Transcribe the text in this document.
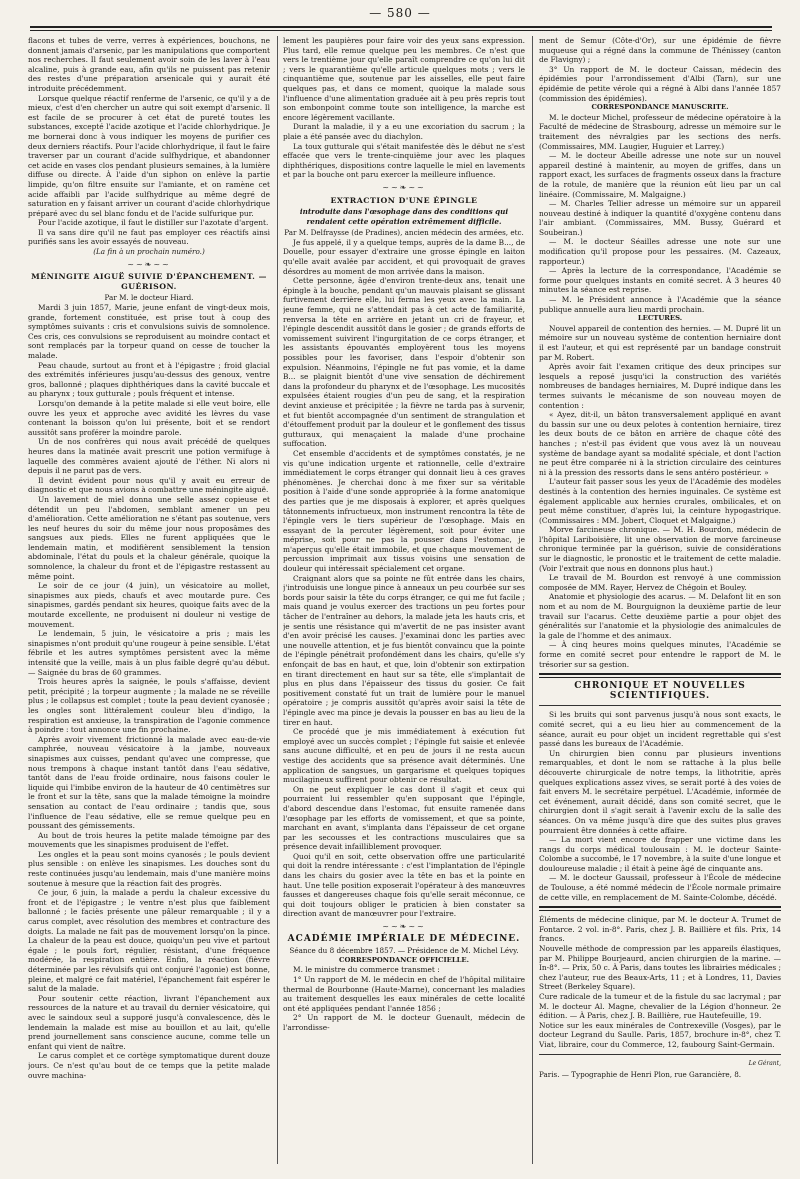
— 580 —

flacons et tubes de verre, verres à expériences, bouchons, ne donnent jamais d'arsenic, par les manipulations que comportent nos recherches. Il faut seulement avoir soin de les laver à l'eau alcaline, puis à grande eau, afin qu'ils ne puissent pas retenir des restes d'une préparation arsenicale qui y aurait été introduite précédemment.

Lorsque quelque réactif renferme de l'arsenic, ce qu'il y a de mieux, c'est d'en chercher un autre qui soit exempt d'arsenic. Il est facile de se procurer à cet état de pureté toutes les substances, excepté l'acide azotique et l'acide chlorhydrique. Je me bornerai donc à vous indiquer les moyens de purifier ces deux derniers réactifs. Pour l'acide chlorhydrique, il faut le faire traverser par un courant d'acide sulfhydrique, et abandonner cet acide en vases clos pendant plusieurs semaines, à la lumière diffuse ou directe. À l'aide d'un siphon on enlève la partie limpide, qu'on filtre ensuite sur l'amiante, et on ramène cet acide affaibli par l'acide sulfhydrique au même degré de saturation en y faisant arriver un courant d'acide chlorhydrique préparé avec du sel blanc fondu et de l'acide sulfurique pur.

Pour l'acide azotique, il faut le distiller sur l'azotate d'argent.

Il va sans dire qu'il ne faut pas employer ces réactifs ainsi purifiés sans les avoir essayés de nouveau.

(La fin à un prochain numéro.)

~~❧~~

MÉNINGITE AIGUË SUIVIE D'ÉPANCHEMENT. — GUÉRISON.

Par M. le docteur Hiard.

Mardi 3 juin 1857, Marie, jeune enfant de vingt-deux mois, grande, fortement constituée, est prise tout à coup des symptômes suivants : cris et convulsions suivis de somnolence. Ces cris, ces convulsions se reproduisent au moindre contact et sont remplacés par la torpeur quand on cesse de toucher la malade.

Peau chaude, surtout au front et à l'épigastre ; froid glacial des extrémités inférieures jusqu'au-dessus des genoux, ventre gros, ballonné ; plaques diphthériques dans la cavité buccale et au pharynx ; toux gutturale ; pouls fréquent et intense.

Lorsqu'on demande à la petite malade si elle veut boire, elle ouvre les yeux et approche avec avidité les lèvres du vase contenant la boisson qu'on lui présente, boit et se rendort aussitôt sans proférer la moindre parole.

Un de nos confrères qui nous avait précédé de quelques heures dans la matinée avait prescrit une potion vermifuge à laquelle des commères avaient ajouté de l'éther. Ni alors ni depuis il ne parut pas de vers.

Il devint évident pour nous qu'il y avait eu erreur de diagnostic et que nous avions à combattre une méningite aiguë.

Un lavement de miel donna une selle assez copieuse et détendit un peu l'abdomen, semblant amener un peu d'amélioration. Cette amélioration ne s'étant pas soutenue, vers les neuf heures du soir du même jour nous proposâmes des sangsues aux pieds. Elles ne furent appliquées que le lendemain matin, et modifièrent sensiblement la tension abdominale, l'état du pouls et la chaleur générale, quoique la somnolence, la chaleur du front et de l'épigastre restassent au même point.

Le soir de ce jour (4 juin), un vésicatoire au mollet, sinapismes aux pieds, chaufs et avec moutarde pure. Ces sinapismes, gardés pendant six heures, quoique faits avec de la moutarde excellente, ne produisent ni douleur ni vestige de mouvement.

Le lendemain, 5 juin, le vésicatoire a pris ; mais les sinapismes n'ont produit qu'une rougeur à peine sensible. L'état fébrile et les autres symptômes persistent avec la même intensité que la veille, mais à un plus faible degré qu'au début. — Saignée du bras de 60 grammes.

Trois heures après la saignée, le pouls s'affaisse, devient petit, précipité ; la torpeur augmente ; la malade ne se réveille plus ; le collapsus est complet ; toute la peau devient cyanosée ; les ongles sont littéralement couleur bleu d'indigo, la respiration est anxieuse, la transpiration de l'agonie commence à poindre : tout annonce une fin prochaine.

Après avoir vivement frictionné la malade avec eau-de-vie camphrée, nouveau vésicatoire à la jambe, nouveaux sinapismes aux cuisses, pendant qu'avec une compresse, que nous trempons à chaque instant tantôt dans l'eau sédative, tantôt dans de l'eau froide ordinaire, nous faisons couler le liquide qui l'imbibe environ de la hauteur de 40 centimètres sur le front et sur la tête, sans que la malade témoigne la moindre sensation au contact de l'eau ordinaire ; tandis que, sous l'influence de l'eau sédative, elle se remue quelque peu en poussant des gémissements.

Au bout de trois heures la petite malade témoigne par des mouvements que les sinapismes produisent de l'effet.

Les ongles et la peau sont moins cyanosés ; le pouls devient plus sensible : on enlève les sinapismes. Les douches sont du reste continuées jusqu'au lendemain, mais d'une manière moins soutenue à mesure que la réaction fait des progrès.

Ce jour, 6 juin, la malade a perdu la chaleur excessive du front et de l'épigastre ; le ventre n'est plus que faiblement ballonné ; le faciès présente une pâleur remarquable ; il y a carus complet, avec résolution des membres et contracture des doigts. La malade ne fait pas de mouvement lorsqu'on la pince. La chaleur de la peau est douce, quoiqu'un peu vive et partout égale ; le pouls fort, régulier, résistant, d'une fréquence modérée, la respiration entière. Enfin, la réaction (fièvre déterminée par les révulsifs qui ont conjuré l'agonie) est bonne, pleine, et malgré ce fait matériel, l'épanchement fait espérer le salut de la malade.

Pour soutenir cette réaction, livrant l'épanchement aux ressources de la nature et au travail du dernier vésicatoire, qui avec le saindoux seul a supporé jusqu'à convalescence, dès le lendemain la malade est mise au bouillon et au lait, qu'elle prend journellement sans conscience aucune, comme telle un enfant qui vient de naître.

Le carus complet et ce cortège symptomatique durent douze jours. Ce n'est qu'au bout de ce temps que la petite malade ouvre machina-

lement les paupières pour faire voir des yeux sans expression. Plus tard, elle remue quelque peu les membres. Ce n'est que vers le trentième jour qu'elle paraît comprendre ce qu'on lui dit ; vers le quarantième qu'elle articule quelques mots ; vers le cinquantième que, soutenue par les aisselles, elle peut faire quelques pas, et dans ce moment, quoique la malade sous l'influence d'une alimentation graduée ait à peu près repris tout son embonpoint comme toute son intelligence, la marche est encore légèrement vacillante.

Durant la maladie, il y a eu une excoriation du sacrum ; la plaie a été pansée avec du diachylon.

La toux gutturale qui s'était manifestée dès le début ne s'est effacée que vers le trente-cinquième jour avec les plaques diphthériques, dispositions contre laquelle le miel en lavements et par la bouche ont paru exercer la meilleure influence.

~~❧~~

EXTRACTION D'UNE ÉPINGLE

introduite dans l'œsophage dans des conditions qui rendaient cette opération extrêmement difficile.

Par M. Delfraysse (de Pradines), ancien médecin des armées, etc.

Je fus appelé, il y a quelque temps, auprès de la dame B..., de Douelle, pour essayer d'extraire une grosse épingle en laiton qu'elle avait avalée par accident, et qui provoquait de graves désordres au moment de mon arrivée dans la maison.

Cette personne, âgée d'environ trente-deux ans, tenait une épingle à la bouche, pendant qu'un mauvais plaisant se glissant furtivement derrière elle, lui ferma les yeux avec la main. La jeune femme, qui ne s'attendait pas à cet acte de familiarité, renversa la tête en arrière en jetant un cri de frayeur, et l'épingle descendit aussitôt dans le gosier ; de grands efforts de vomissement suivirent l'ingurgitation de ce corps étranger, et les assistants épouvantés employèrent tous les moyens possibles pour les favoriser, dans l'espoir d'obtenir son expulsion. Néanmoins, l'épingle ne fut pas vomie, et la dame B... se plaignit bientôt d'une vive sensation de déchirement dans la profondeur du pharynx et de l'œsophage. Les mucosités expulsées étaient rougies d'un peu de sang, et la respiration devint anxieuse et précipitée ; la fièvre ne tarda pas à survenir, et fut bientôt accompagnée d'un sentiment de strangulation et d'étouffement produit par la douleur et le gonflement des tissus gutturaux, qui menaçaient la malade d'une prochaine suffocation.

Cet ensemble d'accidents et de symptômes constatés, je ne vis qu'une indication urgente et rationnelle, celle d'extraire immédiatement le corps étranger qui donnait lieu à ces graves phénomènes. Je cherchai donc à me fixer sur sa véritable position à l'aide d'une sonde appropriée à la forme anatomique des parties que je me disposais à explorer, et après quelques tâtonnements infructueux, mon instrument rencontra la tête de l'épingle vers le tiers supérieur de l'œsophage. Mais en essayant de la percuter légèrement, soit pour éviter une méprise, soit pour ne pas la pousser dans l'estomac, je m'aperçus qu'elle était immobile, et que chaque mouvement de percussion imprimait aux tissus voisins une sensation de douleur qui intéressait spécialement cet organe.

Craignant alors que sa pointe ne fût entrée dans les chairs, j'introduisis une longue pince à anneaux un peu courbée sur ses bords pour saisir la tête du corps étranger, ce qui me fut facile ; mais quand je voulus exercer des tractions un peu fortes pour tâcher de l'entraîner au dehors, la malade jeta les hauts cris, et je sentis une résistance qui m'avertit de ne pas insister avant d'en avoir précisé les causes. J'examinai donc les parties avec une nouvelle attention, et je fus bientôt convaincu que la pointe de l'épingle pénétrait profondément dans les chairs, qu'elle s'y enfonçait de bas en haut, et que, loin d'obtenir son extirpation en tirant directement en haut sur sa tête, elle s'implantait de plus en plus dans l'épaisseur des tissus du gosier. Ce fait positivement constaté fut un trait de lumière pour le manuel opératoire ; je compris aussitôt qu'après avoir saisi la tête de l'épingle avec ma pince je devais la pousser en bas au lieu de la tirer en haut.

Ce procédé que je mis immédiatement à exécution fut employé avec un succès complet ; l'épingle fut saisie et enlevée sans aucune difficulté, et en peu de jours il ne resta aucun vestige des accidents que sa présence avait déterminés. Une application de sangsues, un gargarisme et quelques topiques mucilagineux suffirent pour obtenir ce résultat.

On ne peut expliquer le cas dont il s'agit et ceux qui pourraient lui ressembler qu'en supposant que l'épingle, d'abord descendue dans l'estomac, fut ensuite ramenée dans l'œsophage par les efforts de vomissement, et que sa pointe, marchant en avant, s'implanta dans l'épaisseur de cet organe par les secousses et les contractions musculaires que sa présence devait infailliblement provoquer.

Quoi qu'il en soit, cette observation offre une particularité qui doit la rendre intéressante : c'est l'implantation de l'épingle dans les chairs du gosier avec la tête en bas et la pointe en haut. Une telle position exposerait l'opérateur à des manœuvres fausses et dangereuses chaque fois qu'elle serait méconnue, ce qui doit toujours obliger le praticien à bien constater sa direction avant de manœuvrer pour l'extraire.

~~❧~~

ACADÉMIE IMPÉRIALE DE MÉDECINE.

Séance du 8 décembre 1857. — Présidence de M. Michel Lévy.

CORRESPONDANCE OFFICIELLE.

M. le ministre du commerce transmet :

1° Un rapport de M. le médecin en chef de l'hôpital militaire thermal de Bourbonne (Haute-Marne), concernant les maladies au traitement desquelles les eaux minérales de cette localité ont été appliquées pendant l'année 1856 ;

2° Un rapport de M. le docteur Guenault, médecin de l'arrondisse-

ment de Semur (Côte-d'Or), sur une épidémie de fièvre muqueuse qui a régné dans la commune de Thénissey (canton de Flavigny) ;

3° Un rapport de M. le docteur Caissan, médecin des épidémies pour l'arrondissement d'Albi (Tarn), sur une épidémie de petite vérole qui a régné à Albi dans l'année 1857 (commission des épidémies).

CORRESPONDANCE MANUSCRITE.

M. le docteur Michel, professeur de médecine opératoire à la Faculté de médecine de Strasbourg, adresse un mémoire sur le traitement des névralgies par les sections des nerfs. (Commissaires, MM. Laugier, Huguier et Larrey.)

— M. le docteur Abeille adresse une note sur un nouvel appareil destiné à maintenir, au moyen de griffes, dans un rapport exact, les surfaces de fragments osseux dans la fracture de la rotule, de manière que la réunion eût lieu par un cal linéaire. (Commissaire, M. Malgaigne.)

— M. Charles Tellier adresse un mémoire sur un appareil nouveau destiné à indiquer la quantité d'oxygène contenu dans l'air ambiant. (Commissaires, MM. Bussy, Guérard et Soubeiran.)

— M. le docteur Séailles adresse une note sur une modification qu'il propose pour les pessaires. (M. Cazeaux, rapporteur.)

— Après la lecture de la correspondance, l'Académie se forme pour quelques instants en comité secret. À 3 heures 40 minutes la séance est reprise.

— M. le Président annonce à l'Académie que la séance publique annuelle aura lieu mardi prochain.

LECTURES.

Nouvel appareil de contention des hernies. — M. Dupré lit un mémoire sur un nouveau système de contention herniaire dont il est l'auteur, et qui est représenté par un bandage construit par M. Robert.

Après avoir fait l'examen critique des deux principes sur lesquels a reposé jusqu'ici la construction des variétés nombreuses de bandages herniaires, M. Dupré indique dans les termes suivants le mécanisme de son nouveau moyen de contention :

« Ayez, dit-il, un bâton transversalement appliqué en avant du bassin sur une ou deux pelotes à contention herniaire, tirez les deux bouts de ce bâton en arrière de chaque côté des hanches ; n'est-il pas évident que vous avez là un nouveau système de bandage ayant sa modalité spéciale, et dont l'action ne peut être comparée ni à la striction circulaire des ceintures ni à la pression des ressorts dans le sens antéro postérieur. »

L'auteur fait passer sous les yeux de l'Académie des modèles destinés à la contention des hernies inguinales. Ce système est également applicable aux hernies crurales, ombilicales, et on peut même constituer, d'après lui, la ceinture hypogastrique. (Commissaires : MM. Jobert, Cloquet et Malgaigne.)

Morve farcineuse chronique. — M. H. Bourdon, médecin de l'hôpital Lariboisière, lit une observation de morve farcineuse chronique terminée par la guérison, suivie de considérations sur le diagnostic, le pronostic et le traitement de cette maladie. (Voir l'extrait que nous en donnons plus haut.)

Le travail de M. Bourdon est renvoyé à une commission composée de MM. Rayer, Hervez de Chégoin et Bouley.

Anatomie et physiologie des acarus. — M. Delafont lit en son nom et au nom de M. Bourguignon la deuxième partie de leur travail sur l'acarus. Cette deuxième partie a pour objet des généralités sur l'anatomie et la physiologie des animalcules de la gale de l'homme et des animaux.

— À cinq heures moins quelques minutes, l'Académie se forme en comité secret pour entendre le rapport de M. le trésorier sur sa gestion.

CHRONIQUE ET NOUVELLES SCIENTIFIQUES.

Si les bruits qui sont parvenus jusqu'à nous sont exacts, le comité secret, qui a eu lieu hier au commencement de la séance, aurait eu pour objet un incident regrettable qui s'est passé dans les bureaux de l'Académie.

Un chirurgien bien connu par plusieurs inventions remarquables, et dont le nom se rattache à la plus belle découverte chirurgicale de notre temps, la lithotritie, après quelques explications assez vives, se serait porté à des voies de fait envers M. le secrétaire perpétuel. L'Académie, informée de cet événement, aurait décidé, dans son comité secret, que le chirurgien dont il s'agit serait à l'avenir exclu de la salle des séances. On va même jusqu'à dire que des suites plus graves pourraient être données à cette affaire.

— La mort vient encore de frapper une victime dans les rangs du corps médical toulousain : M. le docteur Sainte-Colombe a succombé, le 17 novembre, à la suite d'une longue et douloureuse maladie ; il était à peine âgé de cinquante ans.

— M. le docteur Gaussail, professeur à l'École de médecine de Toulouse, a été nommé médecin de l'École normale primaire de cette ville, en remplacement de M. Sainte-Colombe, décédé.

Éléments de médecine clinique, par M. le docteur A. Trumet de Fontarce. 2 vol. in-8°. Paris, chez J. B. Baillière et fils. Prix, 14 francs.

Nouvelle méthode de compression par les appareils élastiques, par M. Philippe Bourjeaurd, ancien chirurgien de la marine. — In-8°. — Prix, 50 c. À Paris, dans toutes les librairies médicales ; chez l'auteur, rue des Beaux-Arts, 11 ; et à Londres, 11, Davies Street (Berkeley Square).

Cure radicale de la tumeur et de la fistule du sac lacrymal ; par M. le docteur Al. Magne, chevalier de la Légion d'honneur. 2e édition. — À Paris, chez J. B. Baillière, rue Hautefeuille, 19.

Notice sur les eaux minérales de Contrexeville (Vosges), par le docteur Legrand du Saulle. Paris, 1857, brochure in-8°, chez T. Viat, libraire, cour du Commerce, 12, faubourg Saint-Germain.

Le Gérant,

Paris. — Typographie de Henri Plon, rue Garancière, 8.
